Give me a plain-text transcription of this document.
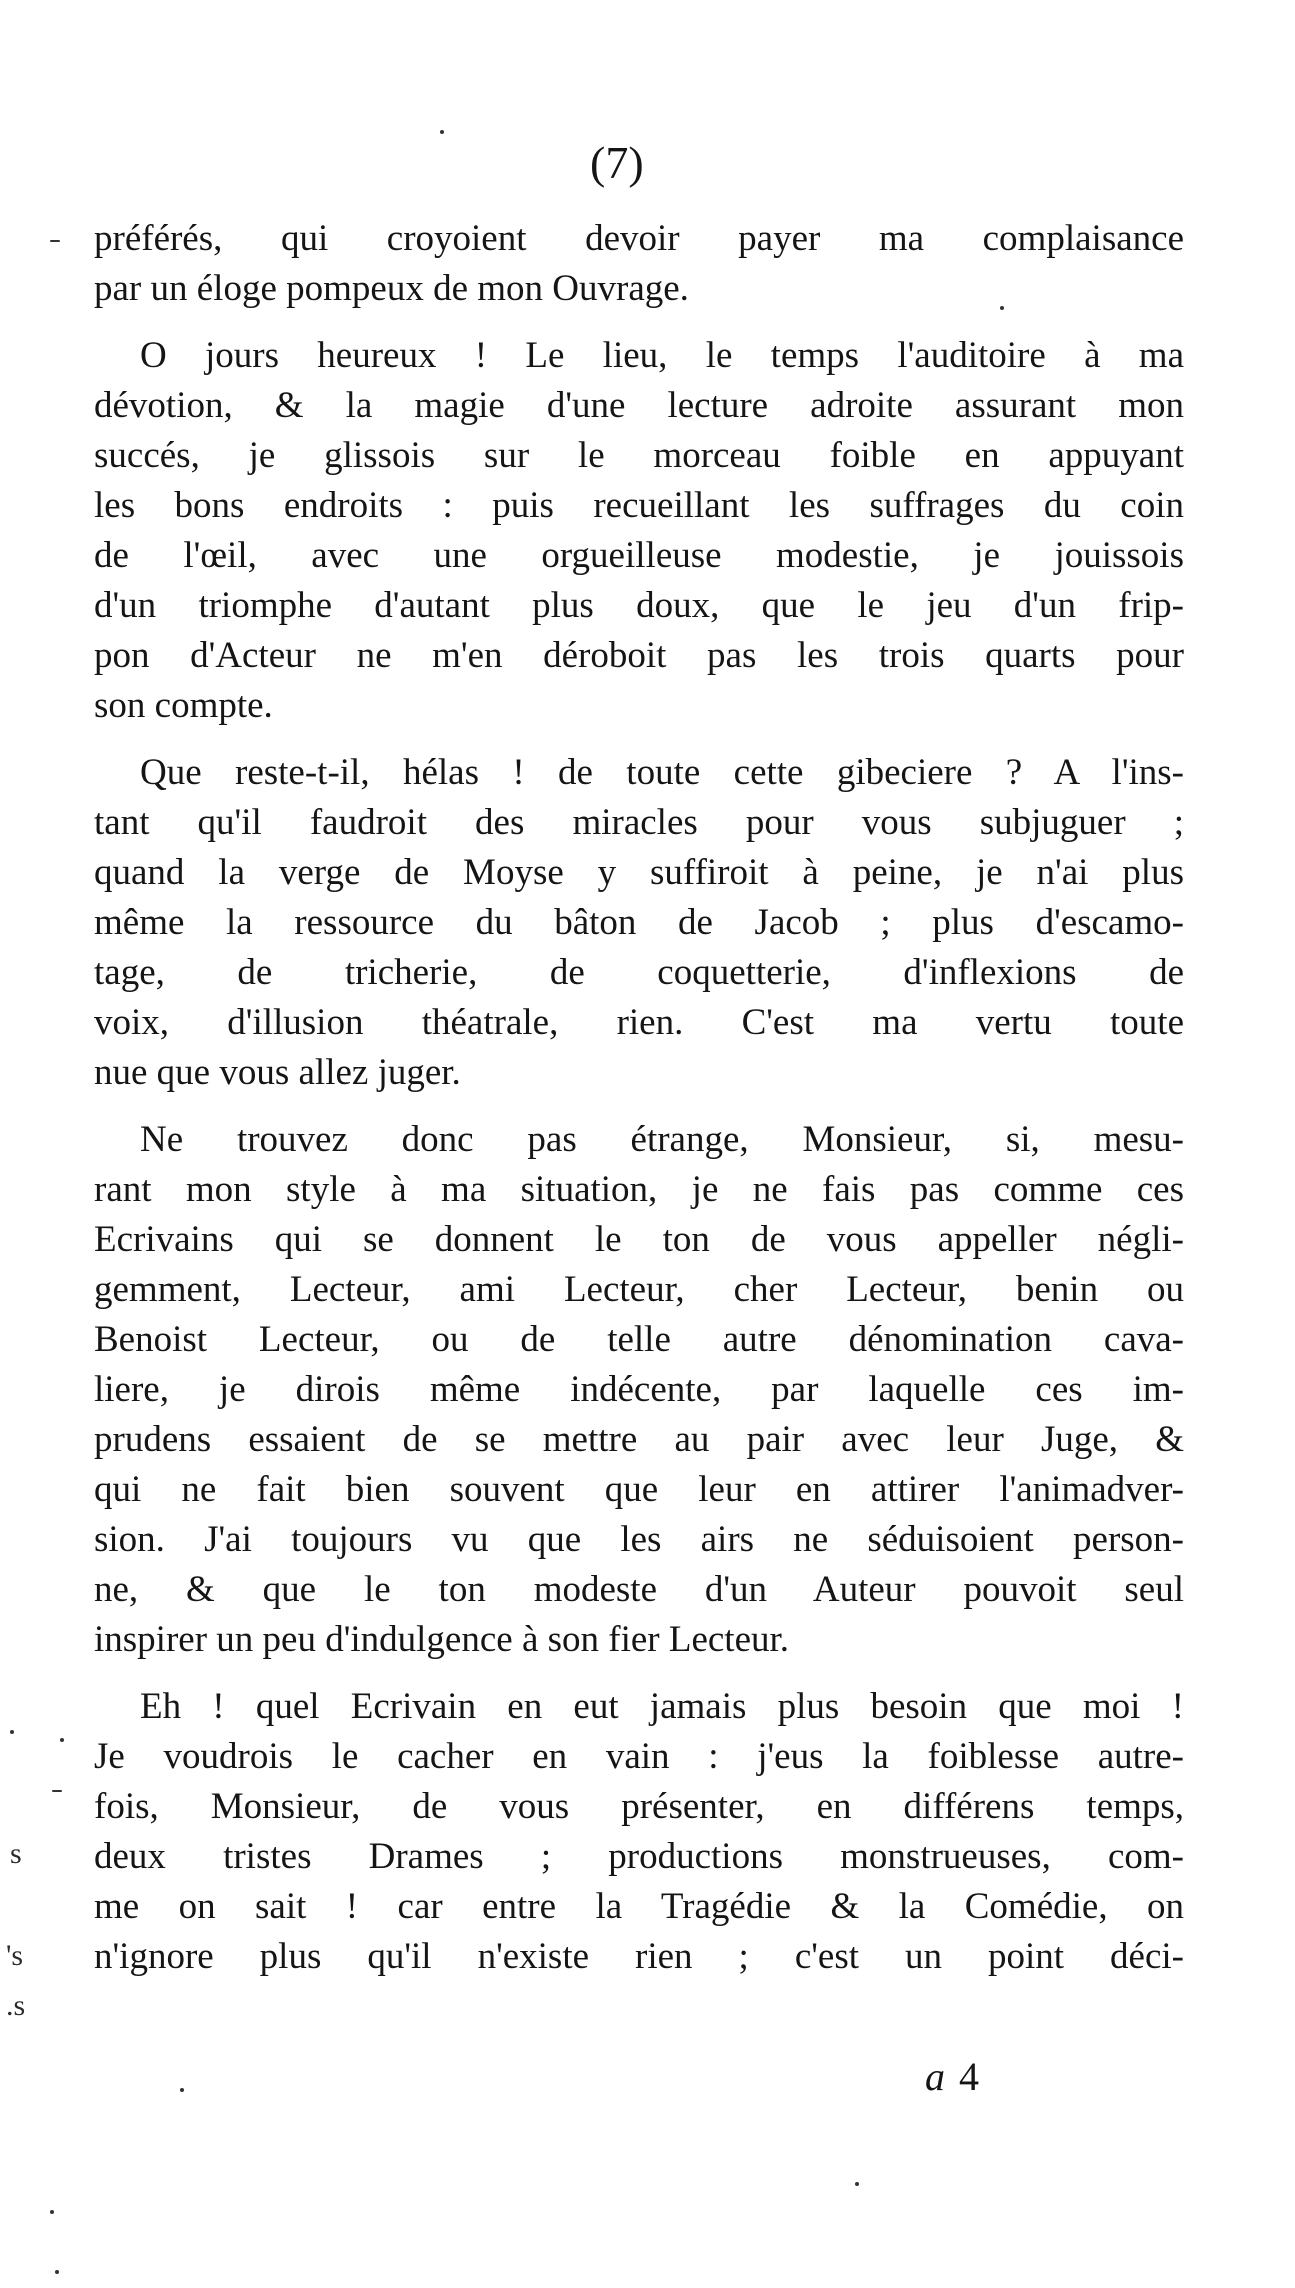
(7)

préférés, qui croyoient devoir payer ma complaisance
par un éloge pompeux de mon Ouvrage.

O jours heureux ! Le lieu, le temps l'auditoire à ma
dévotion, & la magie d'une lecture adroite assurant mon
succés, je glissois sur le morceau foible en appuyant
les bons endroits : puis recueillant les suffrages du coin
de l'œil, avec une orgueilleuse modestie, je jouissois
d'un triomphe d'autant plus doux, que le jeu d'un frip-
pon d'Acteur ne m'en déroboit pas les trois quarts pour
son compte.

Que reste-t-il, hélas ! de toute cette gibeciere ? A l'ins-
tant qu'il faudroit des miracles pour vous subjuguer ;
quand la verge de Moyse y suffiroit à peine, je n'ai plus
même la ressource du bâton de Jacob ; plus d'escamo-
tage, de tricherie, de coquetterie, d'inflexions de
voix, d'illusion théatrale, rien. C'est ma vertu toute
nue que vous allez juger.

Ne trouvez donc pas étrange, Monsieur, si, mesu-
rant mon style à ma situation, je ne fais pas comme ces
Ecrivains qui se donnent le ton de vous appeller négli-
gemment, Lecteur, ami Lecteur, cher Lecteur, benin ou
Benoist Lecteur, ou de telle autre dénomination cava-
liere, je dirois même indécente, par laquelle ces im-
prudens essaient de se mettre au pair avec leur Juge, &
qui ne fait bien souvent que leur en attirer l'animadver-
sion. J'ai toujours vu que les airs ne séduisoient person-
ne, & que le ton modeste d'un Auteur pouvoit seul
inspirer un peu d'indulgence à son fier Lecteur.

Eh ! quel Ecrivain en eut jamais plus besoin que moi !
Je voudrois le cacher en vain : j'eus la foiblesse autre-
fois, Monsieur, de vous présenter, en différens temps,
deux tristes Drames ; productions monstrueuses, com-
me on sait ! car entre la Tragédie & la Comédie, on
n'ignore plus qu'il n'existe rien ; c'est un point déci-

a 4
s
's
.s
